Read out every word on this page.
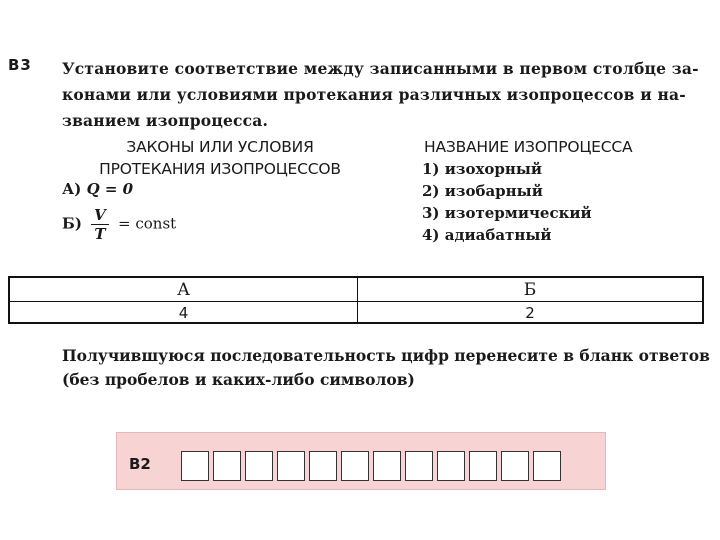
В3 Установите соответствие между записанными в первом столбце за-
конами или условиями протекания различных изопроцессов и на-
званием изопроцесса.
ЗАКОНЫ ИЛИ УСЛОВИЯ
ПРОТЕКАНИЯ ИЗОПРОЦЕССОВ
А) Q = 0
$Б) \frac{V}{T}$ = const
НАЗВАНИЕ ИЗОПРОЦЕССА
1) изохорный
2) изобарный
3) изотермический
4) адиабатный
А	Б
4	2
Получившуюся последовательность цифр перенесите в бланк ответов
(без пробелов и каких-либо символов)
В2
